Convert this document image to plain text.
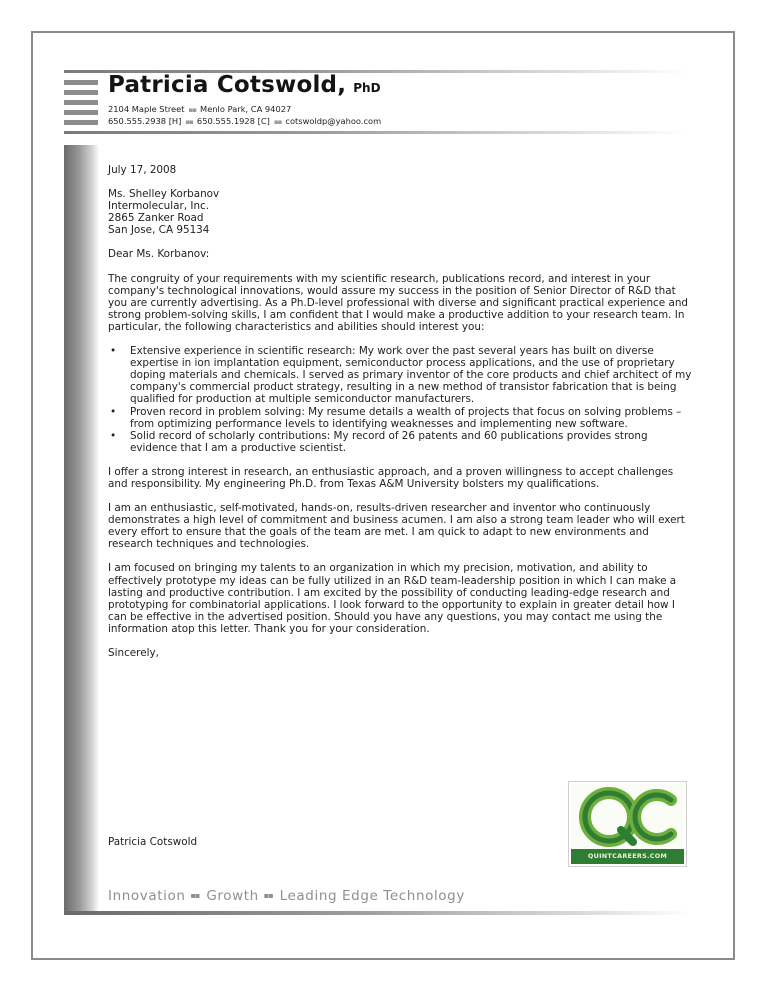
Patricia Cotswold, PhD
2104 Maple Street ▪▪ Menlo Park, CA 94027
650.555.2938 [H] ▪▪ 650.555.1928 [C] ▪▪ cotswoldp@yahoo.com

July 17, 2008

Ms. Shelley Korbanov
Intermolecular, Inc.
2865 Zanker Road
San Jose, CA 95134

Dear Ms. Korbanov:

The congruity of your requirements with my scientific research, publications record, and interest in your company's technological innovations, would assure my success in the position of Senior Director of R&D that you are currently advertising. As a Ph.D-level professional with diverse and significant practical experience and strong problem-solving skills, I am confident that I would make a productive addition to your research team. In particular, the following characteristics and abilities should interest you:

• Extensive experience in scientific research: My work over the past several years has built on diverse expertise in ion implantation equipment, semiconductor process applications, and the use of proprietary doping materials and chemicals. I served as primary inventor of the core products and chief architect of my company's commercial product strategy, resulting in a new method of transistor fabrication that is being qualified for production at multiple semiconductor manufacturers.
• Proven record in problem solving: My resume details a wealth of projects that focus on solving problems – from optimizing performance levels to identifying weaknesses and implementing new software.
• Solid record of scholarly contributions: My record of 26 patents and 60 publications provides strong evidence that I am a productive scientist.

I offer a strong interest in research, an enthusiastic approach, and a proven willingness to accept challenges and responsibility. My engineering Ph.D. from Texas A&M University bolsters my qualifications.

I am an enthusiastic, self-motivated, hands-on, results-driven researcher and inventor who continuously demonstrates a high level of commitment and business acumen. I am also a strong team leader who will exert every effort to ensure that the goals of the team are met. I am quick to adapt to new environments and research techniques and technologies.

I am focused on bringing my talents to an organization in which my precision, motivation, and ability to effectively prototype my ideas can be fully utilized in an R&D team-leadership position in which I can make a lasting and productive contribution. I am excited by the possibility of conducting leading-edge research and prototyping for combinatorial applications. I look forward to the opportunity to explain in greater detail how I can be effective in the advertised position. Should you have any questions, you may contact me using the information atop this letter. Thank you for your consideration.

Sincerely,

Patricia Cotswold
QUINTCAREERS.COM
Innovation ▪▪ Growth ▪▪ Leading Edge Technology
